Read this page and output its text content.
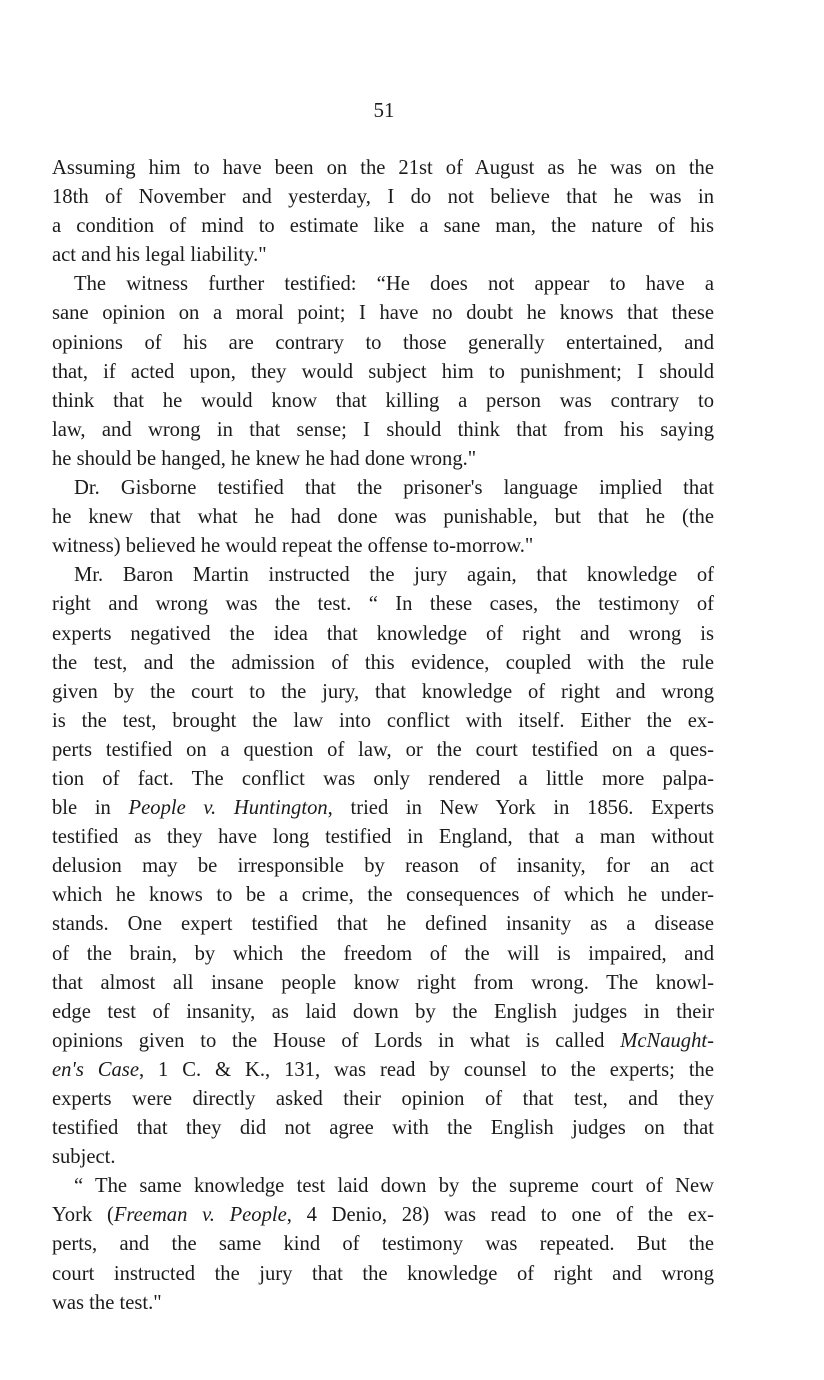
51
Assuming him to have been on the 21st of August as he was on the
18th of November and yesterday, I do not believe that he was in
a condition of mind to estimate like a sane man, the nature of his
act and his legal liability."
The witness further testified: “He does not appear to have a
sane opinion on a moral point; I have no doubt he knows that these
opinions of his are contrary to those generally entertained, and
that, if acted upon, they would subject him to punishment; I should
think that he would know that killing a person was contrary to
law, and wrong in that sense; I should think that from his saying
he should be hanged, he knew he had done wrong."
Dr. Gisborne testified that the prisoner's language implied that
he knew that what he had done was punishable, but that he (the
witness) believed he would repeat the offense to-morrow."
Mr. Baron Martin instructed the jury again, that knowledge of
right and wrong was the test. “ In these cases, the testimony of
experts negatived the idea that knowledge of right and wrong is
the test, and the admission of this evidence, coupled with the rule
given by the court to the jury, that knowledge of right and wrong
is the test, brought the law into conflict with itself. Either the ex-
perts testified on a question of law, or the court testified on a ques-
tion of fact. The conflict was only rendered a little more palpa-
ble in People v. Huntington, tried in New York in 1856. Experts
testified as they have long testified in England, that a man without
delusion may be irresponsible by reason of insanity, for an act
which he knows to be a crime, the consequences of which he under-
stands. One expert testified that he defined insanity as a disease
of the brain, by which the freedom of the will is impaired, and
that almost all insane people know right from wrong. The knowl-
edge test of insanity, as laid down by the English judges in their
opinions given to the House of Lords in what is called McNaught-
en's Case, 1 C. & K., 131, was read by counsel to the experts; the
experts were directly asked their opinion of that test, and they
testified that they did not agree with the English judges on that
subject.
“ The same knowledge test laid down by the supreme court of New
York (Freeman v. People, 4 Denio, 28) was read to one of the ex-
perts, and the same kind of testimony was repeated. But the
court instructed the jury that the knowledge of right and wrong
was the test."
